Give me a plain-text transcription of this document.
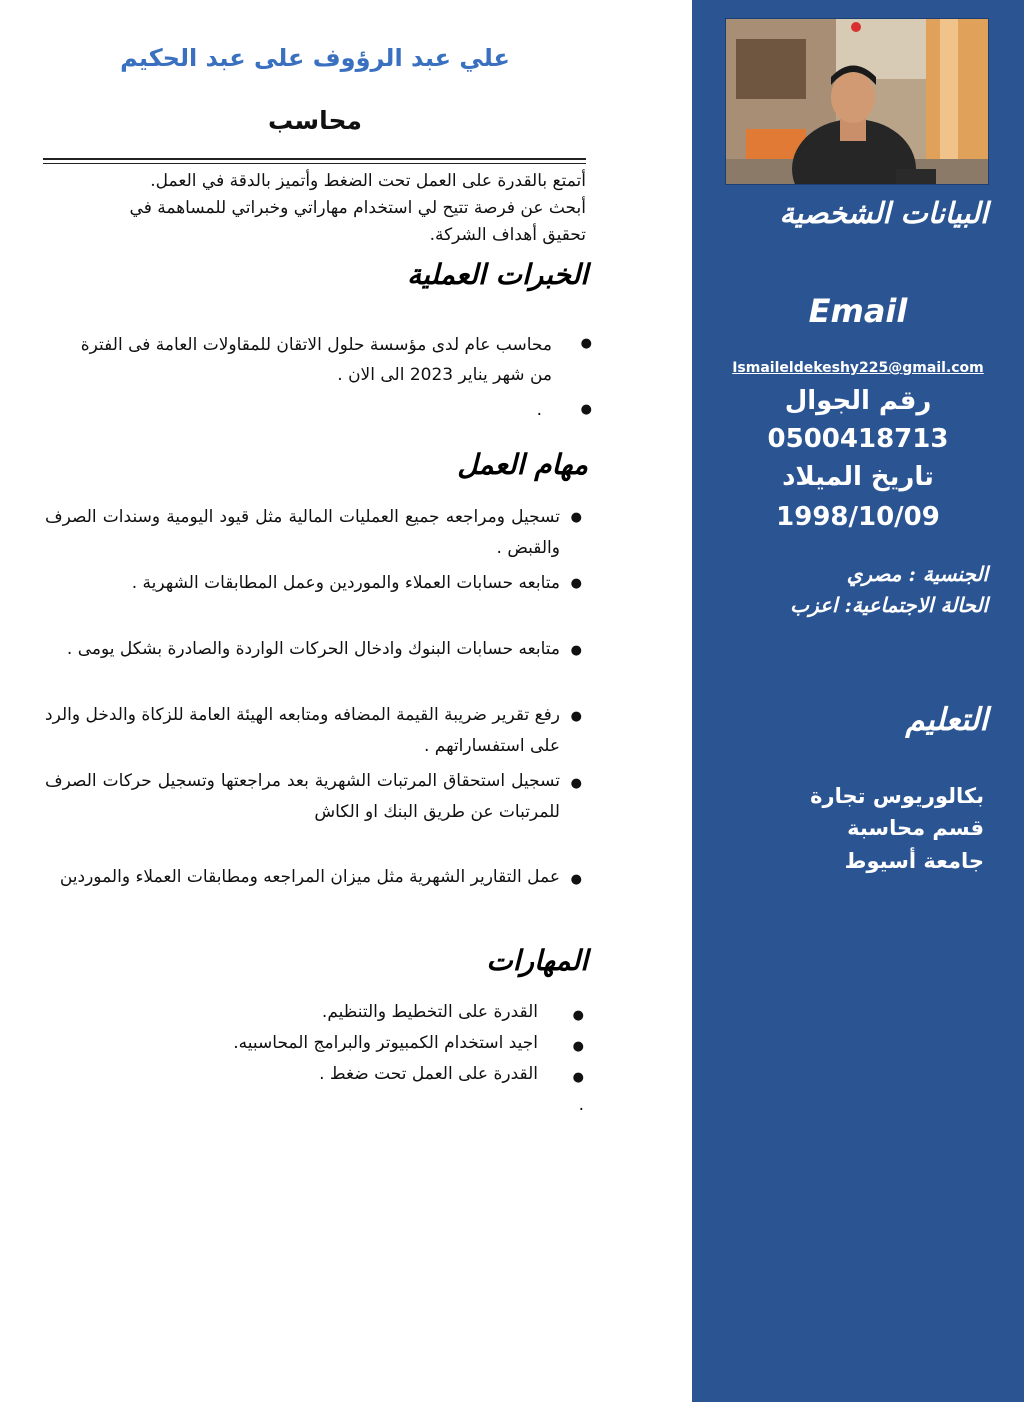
علي عبد الرؤوف على عبد الحكيم
محاسب
أتمتع بالقدرة على العمل تحت الضغط وأتميز بالدقة في العمل.
أبحث عن فرصة تتيح لي استخدام مهاراتي وخبراتي للمساهمة في
تحقيق أهداف الشركة.
الخبرات العملية
●
محاسب عام لدى مؤسسة حلول الاتقان للمقاولات العامة فى الفترة من شهر يناير 2023 الى الان .
●
.
مهام العمل
●
تسجيل ومراجعه جميع العمليات المالية مثل قيود اليومية وسندات الصرف والقبض .
●
متابعه حسابات العملاء والموردين وعمل المطابقات الشهرية .
●
متابعه حسابات البنوك وادخال الحركات الواردة والصادرة بشكل يومى .
●
رفع تقرير ضريبة القيمة المضافه ومتابعه الهيئة العامة للزكاة والدخل والرد على استفساراتهم .
●
تسجيل استحقاق المرتبات الشهرية بعد مراجعتها وتسجيل حركات الصرف للمرتبات عن طريق البنك او الكاش
●
عمل التقارير الشهرية مثل ميزان المراجعه ومطابقات العملاء والموردين
المهارات
●
القدرة على التخطيط والتنظيم.
●
اجيد استخدام الكمبيوتر والبرامج المحاسبيه.
●
القدرة على العمل تحت ضغط .
.
البيانات الشخصية
Email
Ismaileldekeshy225@gmail.com
رقم الجوال
0500418713
تاريخ الميلاد
1998/10/09
الجنسية : مصري
الحالة الاجتماعية: اعزب
التعليم
بكالوريوس تجارة
قسم محاسبة
جامعة أسيوط
